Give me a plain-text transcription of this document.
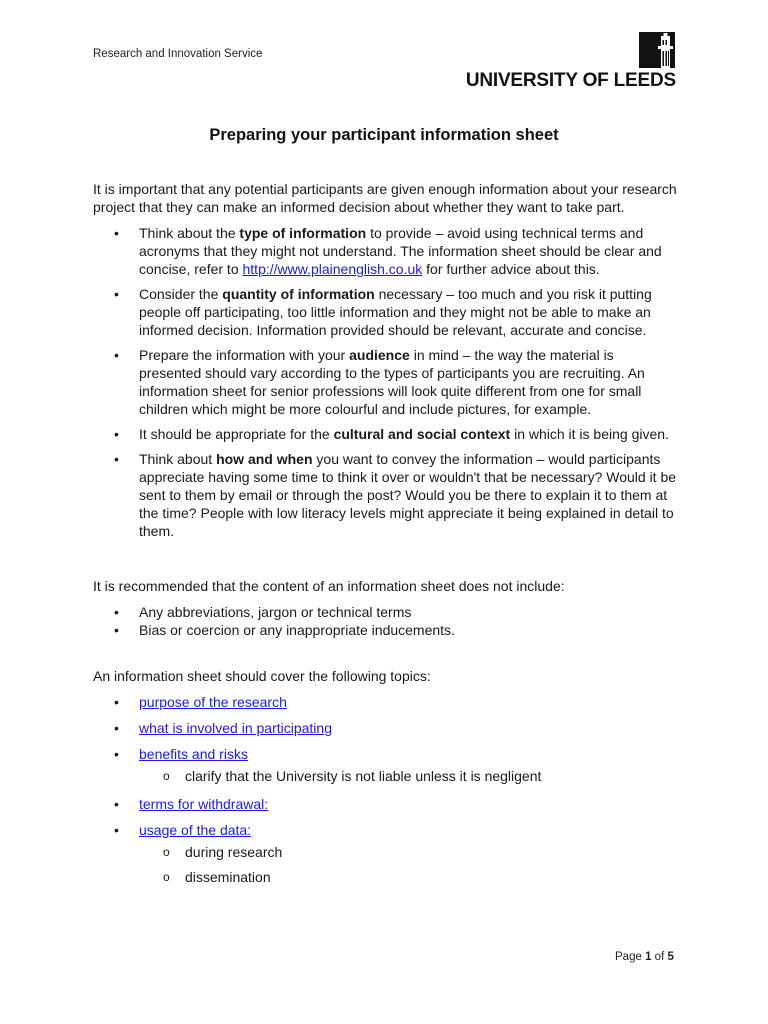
Research and Innovation Service
UNIVERSITY OF LEEDS
Preparing your participant information sheet

It is important that any potential participants are given enough information about your research project that they can make an informed decision about whether they want to take part.

• Think about the type of information to provide – avoid using technical terms and acronyms that they might not understand. The information sheet should be clear and concise, refer to http://www.plainenglish.co.uk for further advice about this.
• Consider the quantity of information necessary – too much and you risk it putting people off participating, too little information and they might not be able to make an informed decision. Information provided should be relevant, accurate and concise.
• Prepare the information with your audience in mind – the way the material is presented should vary according to the types of participants you are recruiting. An information sheet for senior professions will look quite different from one for small children which might be more colourful and include pictures, for example.
• It should be appropriate for the cultural and social context in which it is being given.
• Think about how and when you want to convey the information – would participants appreciate having some time to think it over or wouldn't that be necessary? Would it be sent to them by email or through the post? Would you be there to explain it to them at the time? People with low literacy levels might appreciate it being explained in detail to them.

It is recommended that the content of an information sheet does not include:

• Any abbreviations, jargon or technical terms
• Bias or coercion or any inappropriate inducements.

An information sheet should cover the following topics:

• purpose of the research
• what is involved in participating
• benefits and risks
o clarify that the University is not liable unless it is negligent
• terms for withdrawal:
• usage of the data:
o during research
o dissemination
Page 1 of 5
